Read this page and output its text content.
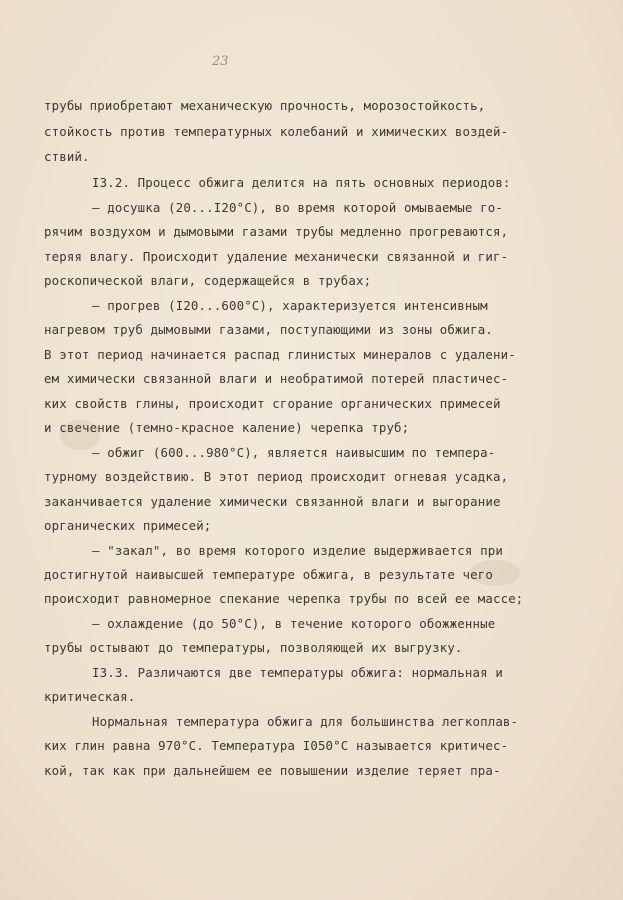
23
трубы приобретают механическую прочность, морозостойкость,
стойкость против температурных колебаний и химических воздей-
ствий.
I3.2. Процесс обжига делится на пять основных периодов:
– досушка (20...I20°С), во время которой омываемые го-
рячим воздухом и дымовыми газами трубы медленно прогреваются,
теряя влагу. Происходит удаление механически связанной и гиг-
роскопической влаги, содержащейся в трубах;
– прогрев (I20...600°С), характеризуется интенсивным
нагревом труб дымовыми газами, поступающими из зоны обжига.
В этот период начинается распад глинистых минералов с удалени-
ем химически связанной влаги и необратимой потерей пластичес-
ких свойств глины, происходит сгорание органических примесей
и свечение (темно-красное каление) черепка труб;
– обжиг (600...980°С), является наивысшим по темпера-
турному воздействию. В этот период происходит огневая усадка,
заканчивается удаление химически связанной влаги и выгорание
органических примесей;
– "закал", во время которого изделие выдерживается при
достигнутой наивысшей температуре обжига, в результате чего
происходит равномерное спекание черепка трубы по всей ее массе;
– охлаждение (до 50°С), в течение которого обожженные
трубы остывают до температуры, позволяющей их выгрузку.
I3.3. Различаются две температуры обжига: нормальная и
критическая.
Нормальная температура обжига для большинства легкоплав-
ких глин равна 970°С. Температура I050°С называется критичес-
кой, так как при дальнейшем ее повышении изделие теряет пра-
